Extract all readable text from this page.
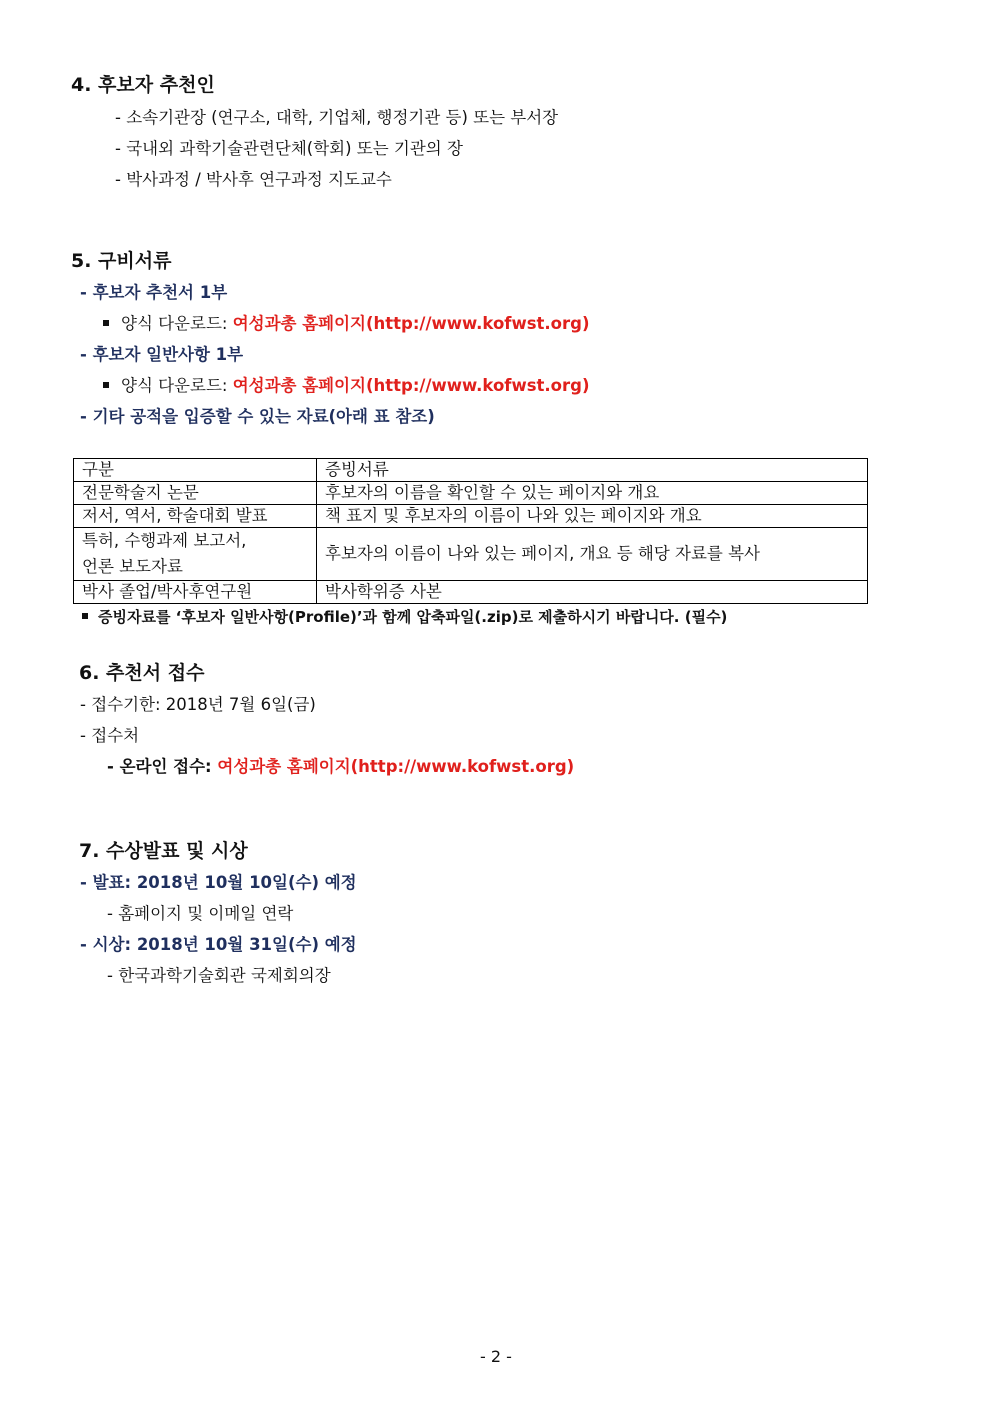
4. 후보자 추천인
- 소속기관장 (연구소, 대학, 기업체, 행정기관 등) 또는 부서장
- 국내외 과학기술관련단체(학회) 또는 기관의 장
- 박사과정 / 박사후 연구과정 지도교수
5. 구비서류
- 후보자 추천서 1부
양식 다운로드: 여성과총 홈페이지(http://www.kofwst.org)
- 후보자 일반사항 1부
양식 다운로드: 여성과총 홈페이지(http://www.kofwst.org)
- 기타 공적을 입증할 수 있는 자료(아래 표 참조)
구분	증빙서류
전문학술지 논문	후보자의 이름을 확인할 수 있는 페이지와 개요
저서, 역서, 학술대회 발표	책 표지 및 후보자의 이름이 나와 있는 페이지와 개요
특허, 수행과제 보고서,	후보자의 이름이 나와 있는 페이지, 개요 등 해당 자료를 복사
언론 보도자료	
박사 졸업/박사후연구원	박사학위증 사본
증빙자료를 ‘후보자 일반사항(Profile)’과 함께 압축파일(.zip)로 제출하시기 바랍니다. (필수)
6. 추천서 접수
- 접수기한: 2018년 7월 6일(금)
- 접수처
- 온라인 접수: 여성과총 홈페이지(http://www.kofwst.org)
7. 수상발표 및 시상
- 발표: 2018년 10월 10일(수) 예정
- 홈페이지 및 이메일 연락
- 시상: 2018년 10월 31일(수) 예정
- 한국과학기술회관 국제회의장
- 2 -
